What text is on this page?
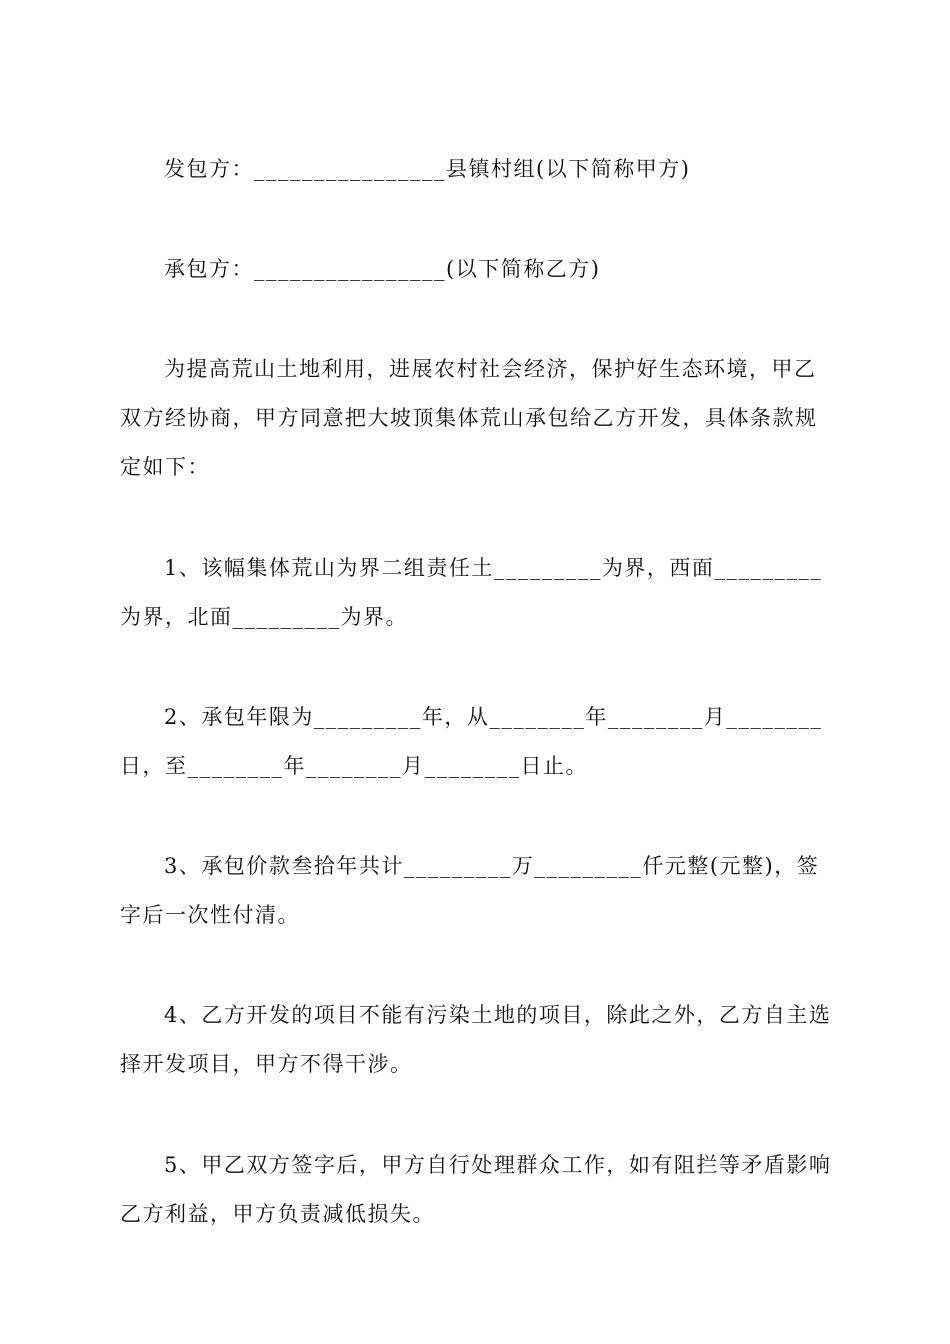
发包方：________________县镇村组(以下简称甲方)

承包方：________________(以下简称乙方)

为提高荒山土地利用，进展农村社会经济，保护好生态环境，甲乙双方经协商，甲方同意把大坡顶集体荒山承包给乙方开发，具体条款规定如下：

1、该幅集体荒山为界二组责任土_________为界，西面_________为界，北面_________为界。

2、承包年限为_________年，从________年________月________日，至________年________月________日止。

3、承包价款叁拾年共计_________万_________仟元整(元整)，签字后一次性付清。

4、乙方开发的项目不能有污染土地的项目，除此之外，乙方自主选择开发项目，甲方不得干涉。

5、甲乙双方签字后，甲方自行处理群众工作，如有阻拦等矛盾影响乙方利益，甲方负责减低损失。
